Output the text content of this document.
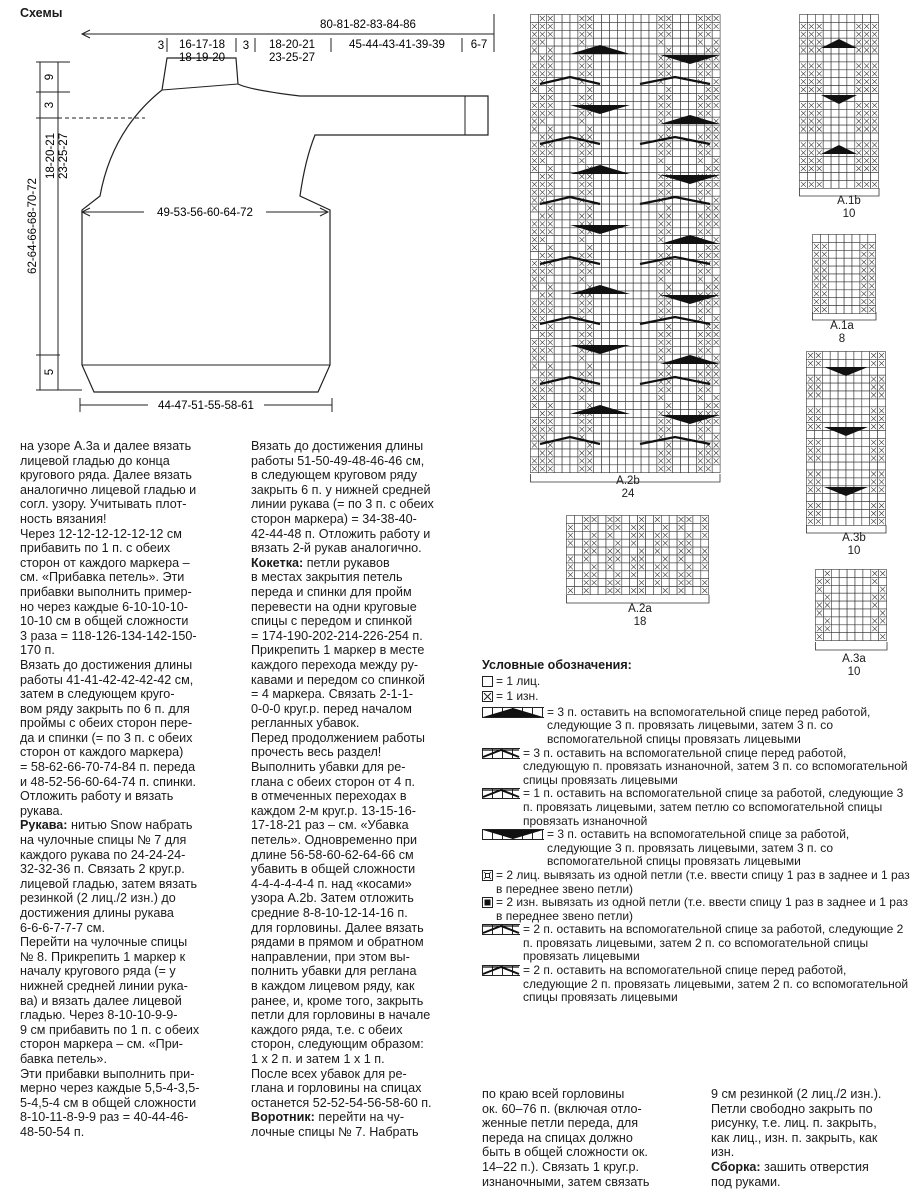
Схемы
80-81-82-83-84-86
3 16-17-18
18-19-20
3 18-20-21
23-25-27
45-44-43-41-39-39 6-7
9
3
18-20-21 23-25-27
62-64-66-68-70-72
5
49-53-56-60-64-72
44-47-51-55-58-61
A.2b
24
A.2a
18
A.1b
10
A.1a
8
A.3b
10
A.3a
10

на узоре A.3a и далее вязать

лицевой гладью до конца

кругового ряда. Далее вязать

аналогично лицевой гладью и

согл. узору. Учитывать плот-

ность вязания!

Через 12-12-12-12-12-12 см

прибавить по 1 п. с обеих

сторон от каждого маркера –

см. «Прибавка петель». Эти

прибавки выполнить пример-

но через каждые 6-10-10-10-

10-10 см в общей сложности

3 раза = 118-126-134-142-150-

170 п.

Вязать до достижения длины

работы 41-41-42-42-42-42 см,

затем в следующем круго-

вом ряду закрыть по 6 п. для

проймы с обеих сторон пере-

да и спинки (= по 3 п. с обеих

сторон от каждого маркера)

= 58-62-66-70-74-84 п. переда

и 48-52-56-60-64-74 п. спинки.

Отложить работу и вязать

рукава.

Рукава: нитью Snow набрать

на чулочные спицы № 7 для

каждого рукава по 24-24-24-

32-32-36 п. Связать 2 круг.р.

лицевой гладью, затем вязать

резинкой (2 лиц./2 изн.) до

достижения длины рукава

6-6-6-7-7-7 см.

Перейти на чулочные спицы

№ 8. Прикрепить 1 маркер к

началу кругового ряда (= у

нижней средней линии рука-

ва) и вязать далее лицевой

гладью. Через 8-10-10-9-9-

9 см прибавить по 1 п. с обеих

сторон маркера – см. «При-

бавка петель».

Эти прибавки выполнить при-

мерно через каждые 5,5-4-3,5-

5-4,5-4 см в общей сложности

8-10-11-8-9-9 раз = 40-44-46-

48-50-54 п.

Вязать до достижения длины

работы 51-50-49-48-46-46 см,

в следующем круговом ряду

закрыть 6 п. у нижней средней

линии рукава (= по 3 п. с обеих

сторон маркера) = 34-38-40-

42-44-48 п. Отложить работу и

вязать 2-й рукав аналогично.

Кокетка: петли рукавов

в местах закрытия петель

переда и спинки для пройм

перевести на одни круговые

спицы с передом и спинкой

= 174-190-202-214-226-254 п.

Прикрепить 1 маркер в месте

каждого перехода между ру-

кавами и передом со спинкой

= 4 маркера. Связать 2-1-1-

0-0-0 круг.р. перед началом

регланных убавок.

Перед продолжением работы

прочесть весь раздел!

Выполнить убавки для ре-

глана с обеих сторон от 4 п.

в отмеченных переходах в

каждом 2-м круг.р. 13-15-16-

17-18-21 раз – см. «Убавка

петель». Одновременно при

длине 56-58-60-62-64-66 см

убавить в общей сложности

4-4-4-4-4-4 п. над «косами»

узора A.2b. Затем отложить

средние 8-8-10-12-14-16 п.

для горловины. Далее вязать

рядами в прямом и обратном

направлении, при этом вы-

полнить убавки для реглана

в каждом лицевом ряду, как

ранее, и, кроме того, закрыть

петли для горловины в начале

каждого ряда, т.е. с обеих

сторон, следующим образом:

1 х 2 п. и затем 1 х 1 п.

После всех убавок для ре-

глана и горловины на спицах

останется 52-52-54-56-58-60 п.

Воротник: перейти на чу-

лочные спицы № 7. Набрать

по краю всей горловины

ок. 60–76 п. (включая отло-

женные петли переда, для

переда на спицах должно

быть в общей сложности ок.

14–22 п.). Связать 1 круг.р.

изнаночными, затем связать

9 см резинкой (2 лиц./2 изн.).

Петли свободно закрыть по

рисунку, т.е. лиц. п. закрыть,

как лиц., изн. п. закрыть, как

изн.

Сборка: зашить отверстия

под руками.

Условные обозначения:
= 1 лиц.
= 1 изн.
= 3 п. оставить на вспомогательной спице перед работой, следующие 3 п. провязать лицевыми, затем 3 п. со вспомогательной спицы провязать лицевыми
= 3 п. оставить на вспомогательной спице перед работой, следующую п. провязать изнаночной, затем 3 п. со вспомогательной спицы провязать лицевыми
= 1 п. оставить на вспомогательной спице за работой, следующие 3 п. провязать лицевыми, затем петлю со вспомогательной спицы провязать изнаночной
= 3 п. оставить на вспомогательной спице за работой, следующие 3 п. провязать лицевыми, затем 3 п. со вспомогательной спицы провязать лицевыми
= 2 лиц. вывязать из одной петли (т.е. ввести спицу 1 раз в заднее и 1 раз в переднее звено петли)
= 2 изн. вывязать из одной петли (т.е. ввести спицу 1 раз в заднее и 1 раз в переднее звено петли)
= 2 п. оставить на вспомогательной спице за работой, следующие 2 п. провязать лицевыми, затем 2 п. со вспомогательной спицы провязать лицевыми
= 2 п. оставить на вспомогательной спице перед работой, следующие 2 п. провязать лицевыми, затем 2 п. со вспомогательной спицы провязать лицевыми
